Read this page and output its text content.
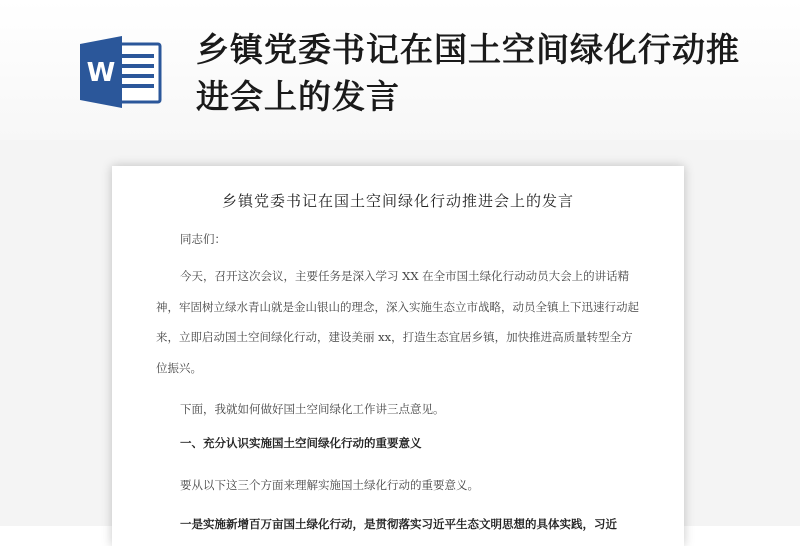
W
乡镇党委书记在国土空间绿化行动推进会上的发言
乡镇党委书记在国土空间绿化行动推进会上的发言
同志们：
今天，召开这次会议，主要任务是深入学习 XX 在全市国土绿化行动动员大会上的讲话精神，牢固树立绿水青山就是金山银山的理念，深入实施生态立市战略，动员全镇上下迅速行动起来，立即启动国土空间绿化行动，建设美丽 xx，打造生态宜居乡镇，加快推进高质量转型全方位振兴。
下面，我就如何做好国土空间绿化工作讲三点意见。
一、充分认识实施国土空间绿化行动的重要意义
要从以下这三个方面来理解实施国土绿化行动的重要意义。
一是实施新增百万亩国土绿化行动，是贯彻落实习近平生态文明思想的具体实践，习近
